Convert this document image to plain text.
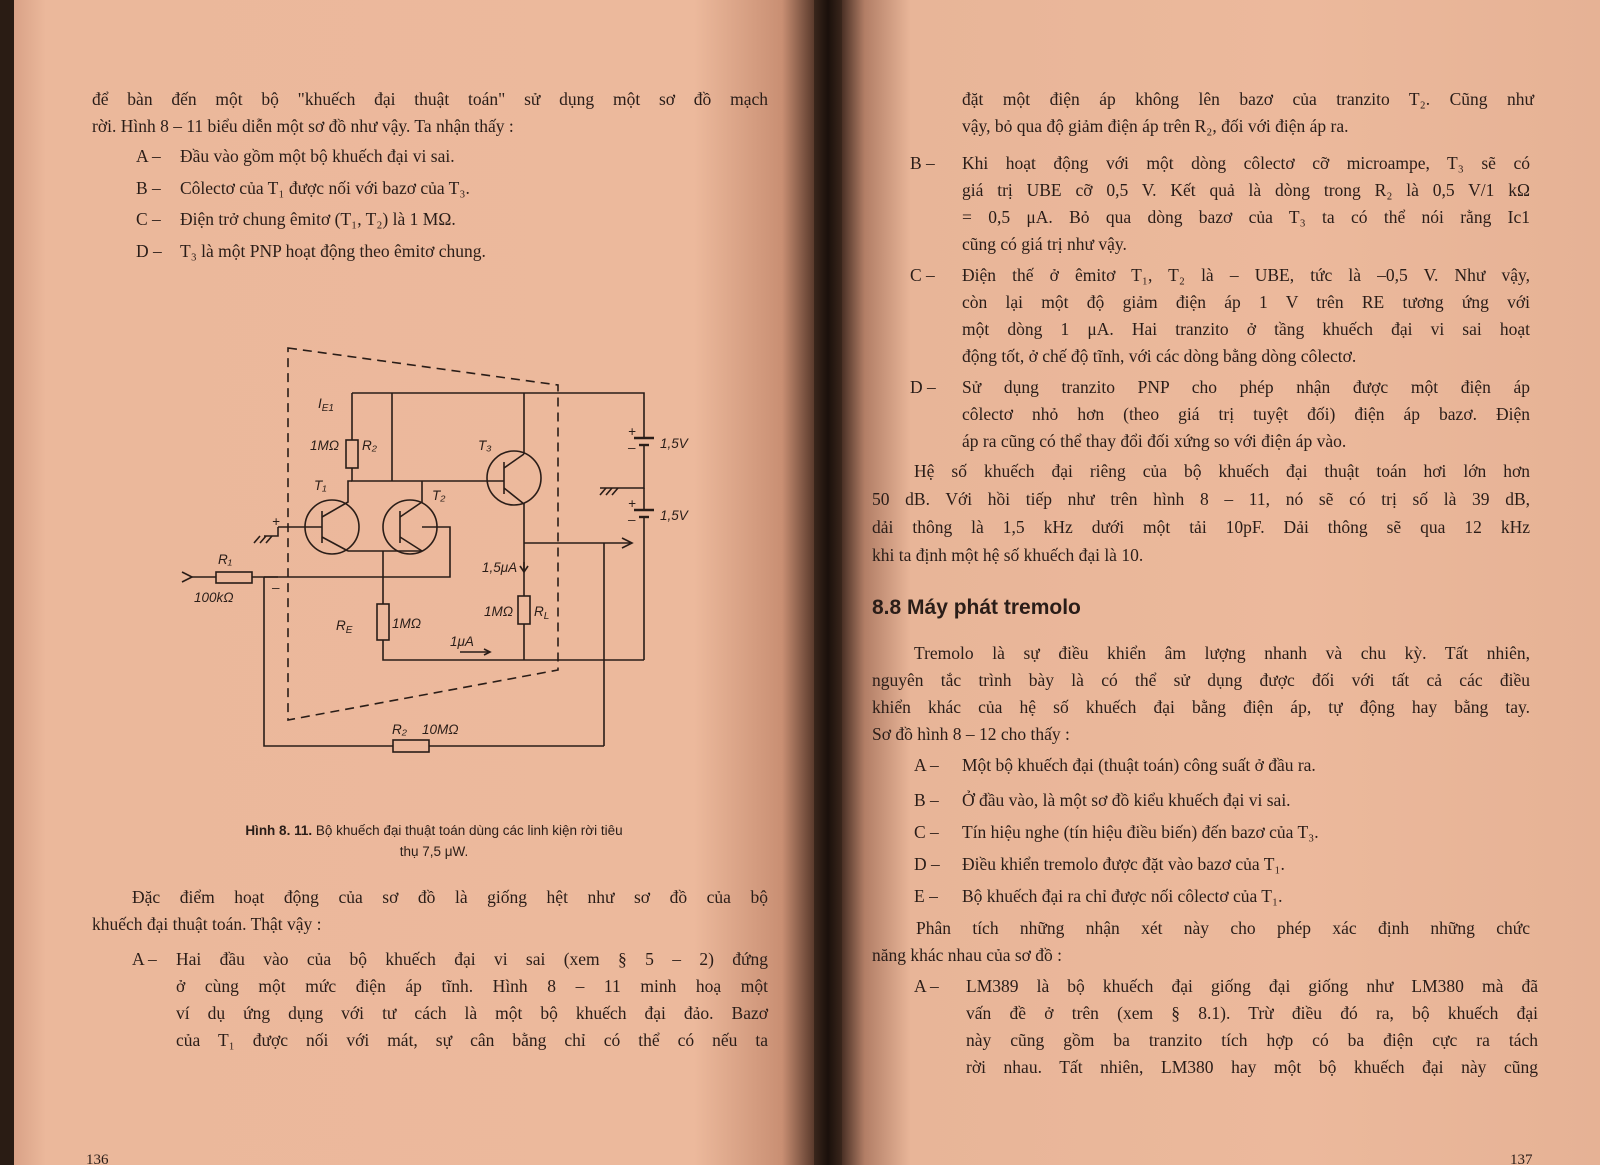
để bàn đến một bộ "khuếch đại thuật toán" sử dụng một sơ đồ mạch
rời. Hình 8 – 11 biểu diễn một sơ đồ như vậy. Ta nhận thấy :
A – Đầu vào gồm một bộ khuếch đại vi sai.
B – Côlectơ của T₁ được nối với bazơ của T₃.
C – Điện trở chung êmitơ (T₁, T₂) là 1 MΩ.
D – T₃ là một PNP hoạt động theo êmitơ chung.
$I_{E1}$
1MΩ R₂	T₃
T₁
T₂
+
–
+
– 1,5V
+
– 1,5V
R₁
100kΩ
$R_E$	1MΩ
1,5μA
1MΩ $R_L$
1μA
R₂ 10MΩ
Hình 8. 11. Bộ khuếch đại thuật toán dùng các linh kiện rời tiêu
thụ 7,5 μW.
Đặc điểm hoạt động của sơ đồ là giống hệt như sơ đồ của bộ
khuếch đại thuật toán. Thật vậy :
A – Hai đầu vào của bộ khuếch đại vi sai (xem § 5 – 2) đứng
ở cùng một mức điện áp tĩnh. Hình 8 – 11 minh hoạ một
ví dụ ứng dụng với tư cách là một bộ khuếch đại đảo. Bazơ
của T₁ được nối với mát, sự cân bằng chỉ có thể có nếu ta
136
đặt một điện áp không lên bazơ của tranzito T₂. Cũng như
vậy, bỏ qua độ giảm điện áp trên R₂, đối với điện áp ra.
B – Khi hoạt động với một dòng côlectơ cỡ microampe, T₃ sẽ có
giá trị UBE cỡ 0,5 V. Kết quả là dòng trong R₂ là 0,5 V/1 kΩ
= 0,5 μA. Bỏ qua dòng bazơ của T₃ ta có thể nói rằng Ic1
cũng có giá trị như vậy.
C – Điện thế ở êmitơ T₁, T₂ là – UBE, tức là –0,5 V. Như vậy,
còn lại một độ giảm điện áp 1 V trên RE tương ứng với
một dòng 1 μA. Hai tranzito ở tầng khuếch đại vi sai hoạt
động tốt, ở chế độ tĩnh, với các dòng bằng dòng côlectơ.
D – Sử dụng tranzito PNP cho phép nhận được một điện áp
côlectơ nhỏ hơn (theo giá trị tuyệt đối) điện áp bazơ. Điện
áp ra cũng có thể thay đổi đối xứng so với điện áp vào.
Hệ số khuếch đại riêng của bộ khuếch đại thuật toán hơi lớn hơn
50 dB. Với hồi tiếp như trên hình 8 – 11, nó sẽ có trị số là 39 dB,
dải thông là 1,5 kHz dưới một tải 10pF. Dải thông sẽ qua 12 kHz
khi ta định một hệ số khuếch đại là 10.
8.8 Máy phát tremolo
Tremolo là sự điều khiển âm lượng nhanh và chu kỳ. Tất nhiên,
nguyên tắc trình bày là có thể sử dụng được đối với tất cả các điều
khiển khác của hệ số khuếch đại bằng điện áp, tự động hay bằng tay.
Sơ đồ hình 8 – 12 cho thấy :
A – Một bộ khuếch đại (thuật toán) công suất ở đầu ra.
B – Ở đầu vào, là một sơ đồ kiểu khuếch đại vi sai.
C – Tín hiệu nghe (tín hiệu điều biến) đến bazơ của T₃.
D – Điều khiển tremolo được đặt vào bazơ của T₁.
E – Bộ khuếch đại ra chỉ được nối côlectơ của T₁.
Phân tích những nhận xét này cho phép xác định những chức
năng khác nhau của sơ đồ :
A – LM389 là bộ khuếch đại giống đại giống như LM380 mà đã
vấn đề ở trên (xem § 8.1). Trừ điều đó ra, bộ khuếch đại
này cũng gồm ba tranzito tích hợp có ba điện cực ra tách
rời nhau. Tất nhiên, LM380 hay một bộ khuếch đại này cũng
137
